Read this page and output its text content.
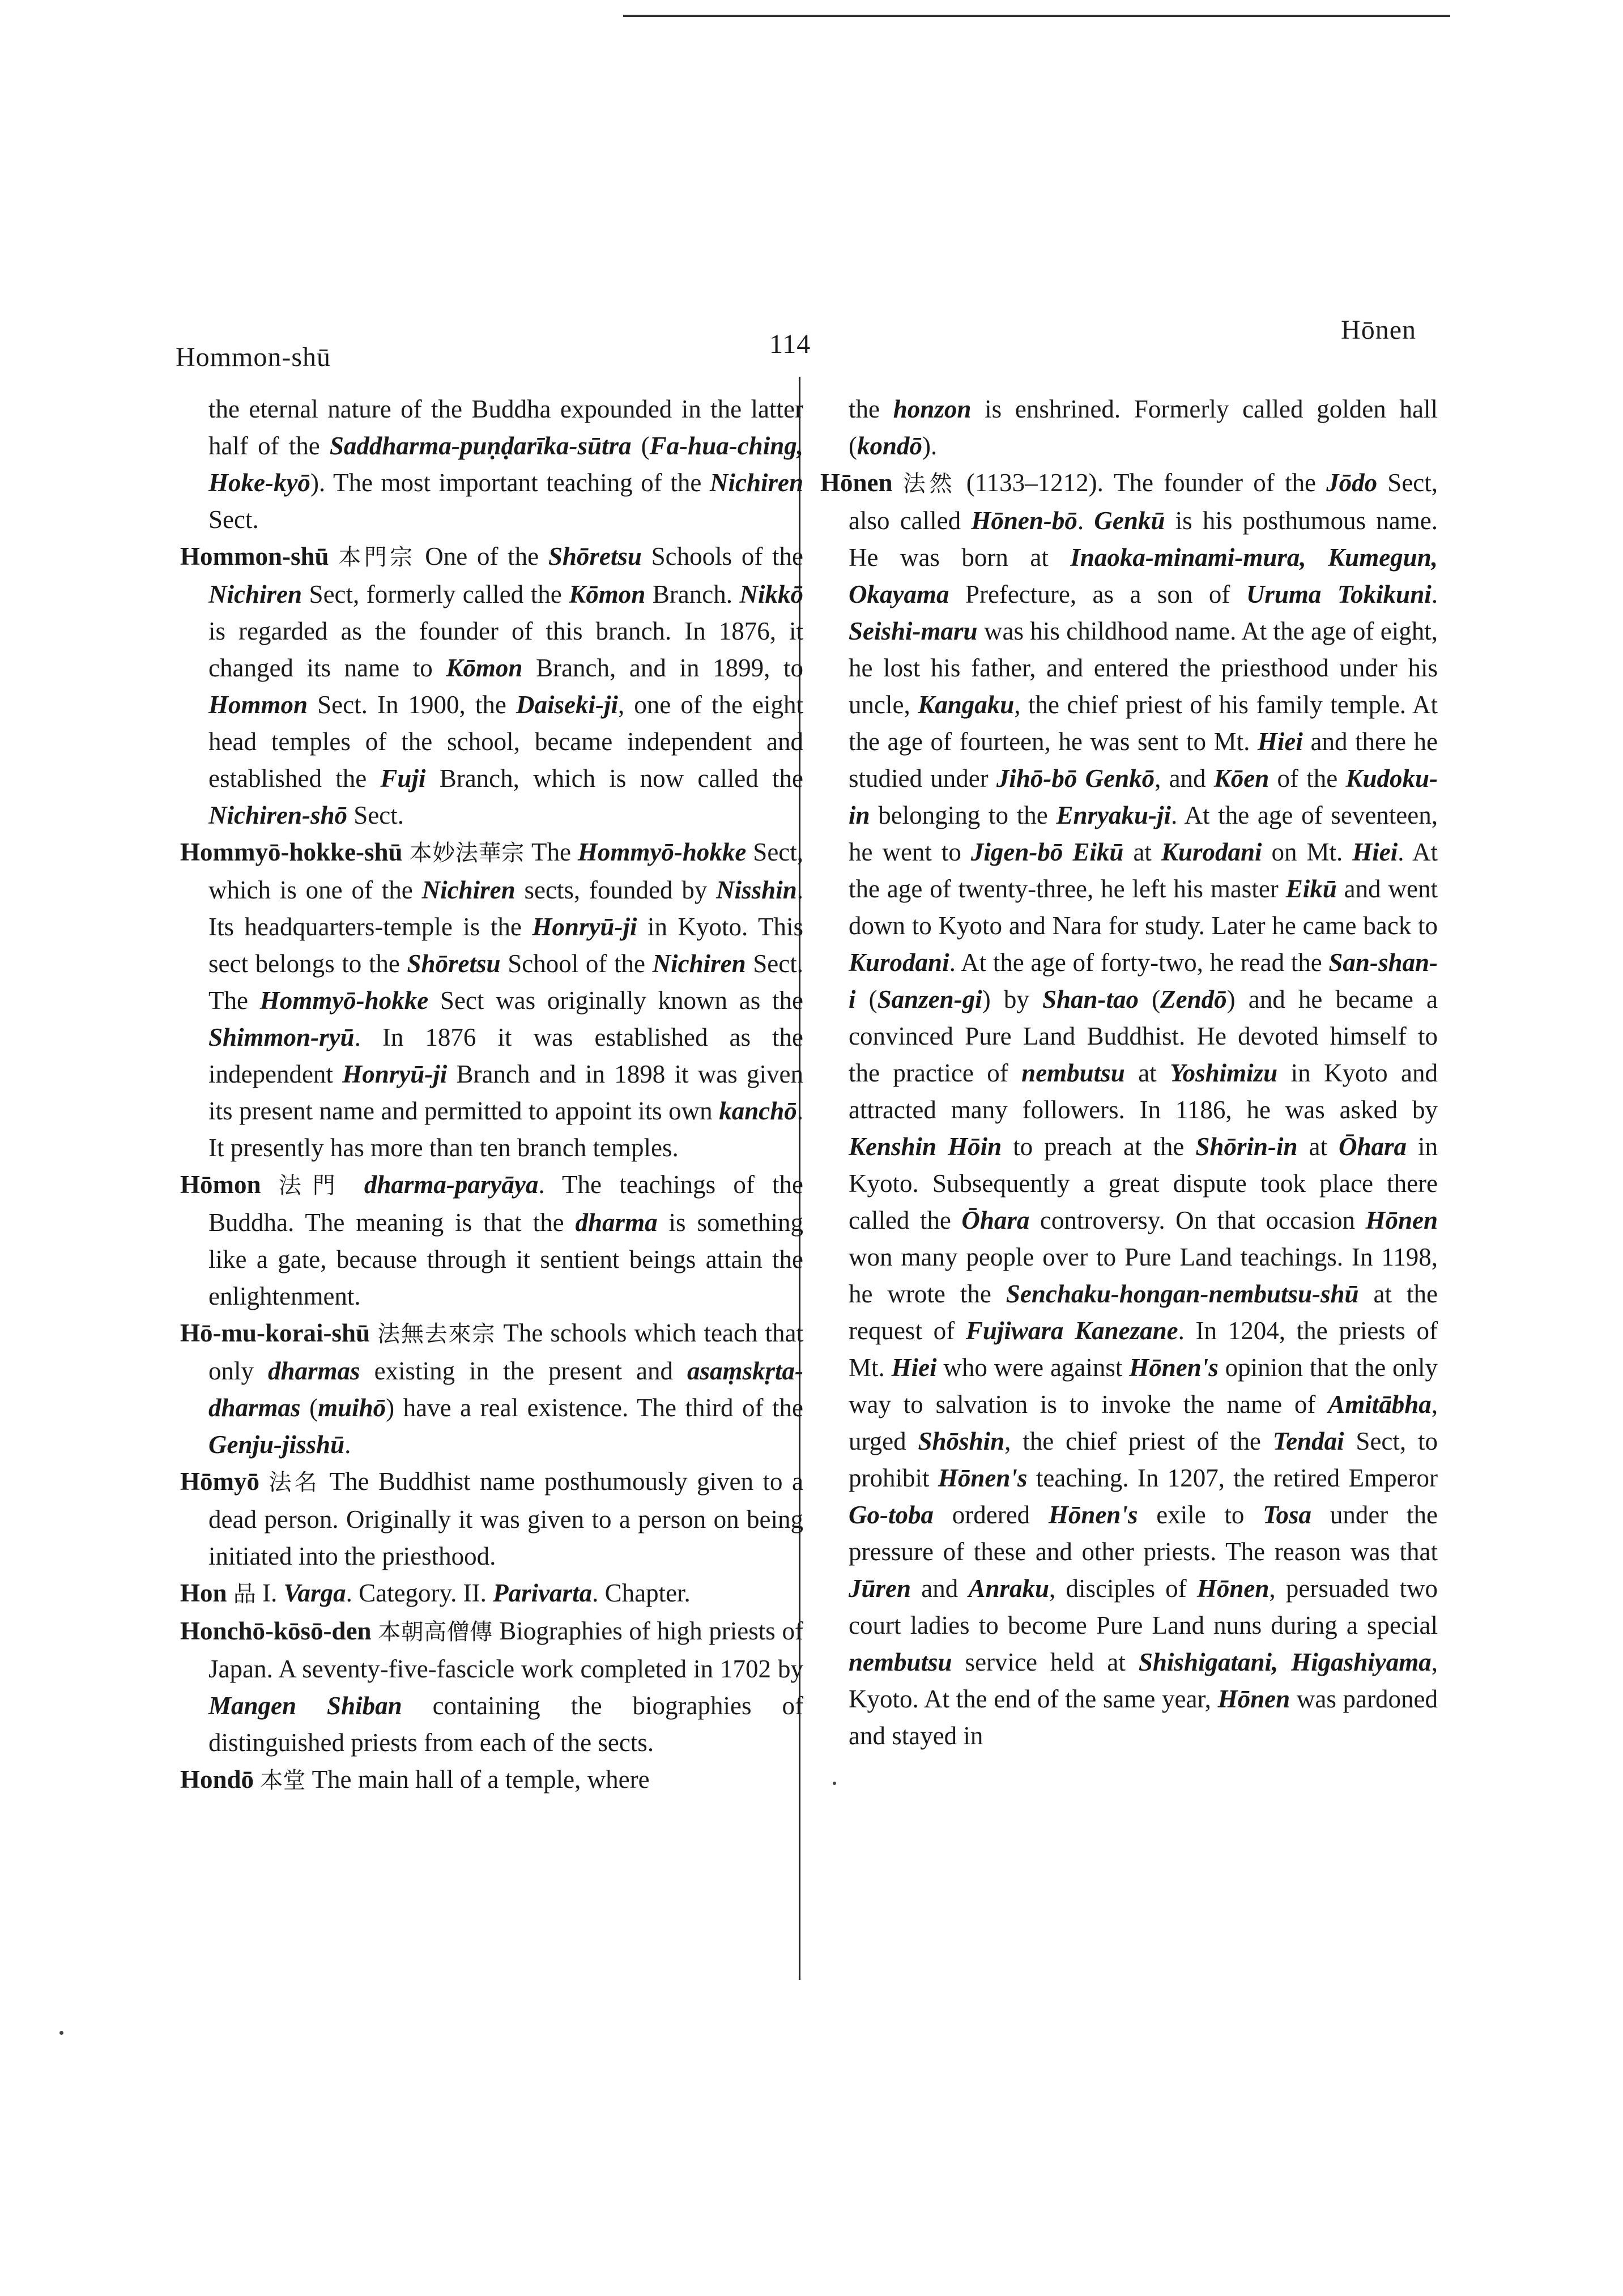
Hommon-shū	114	Hōnen

the eternal nature of the Buddha expounded in the latter half of the Saddharma-puṇḍarīka-sūtra (Fa-hua-ching, Hoke-kyō). The most important teaching of the Nichiren Sect.

Hommon-shū 本門宗 One of the Shōretsu Schools of the Nichiren Sect, formerly called the Kōmon Branch. Nikkō is regarded as the founder of this branch. In 1876, it changed its name to Kōmon Branch, and in 1899, to Hommon Sect. In 1900, the Daiseki-ji, one of the eight head temples of the school, became independent and established the Fuji Branch, which is now called the Nichiren-shō Sect.

Hommyō-hokke-shū 本妙法華宗 The Hommyō-hokke Sect, which is one of the Nichiren sects, founded by Nisshin. Its headquarters-temple is the Honryū-ji in Kyoto. This sect belongs to the Shōretsu School of the Nichiren Sect. The Hommyō-hokke Sect was originally known as the Shimmon-ryū. In 1876 it was established as the independent Honryū-ji Branch and in 1898 it was given its present name and permitted to appoint its own kanchō. It presently has more than ten branch temples.

Hōmon 法門 dharma-paryāya. The teachings of the Buddha. The meaning is that the dharma is something like a gate, because through it sentient beings attain the enlightenment.

Hō-mu-korai-shū 法無去來宗 The schools which teach that only dharmas existing in the present and asaṃskṛta-dharmas (muihō) have a real existence. The third of the Genju-jisshū.

Hōmyō 法名 The Buddhist name posthumously given to a dead person. Originally it was given to a person on being initiated into the priesthood.

Hon 品 I. Varga. Category. II. Parivarta. Chapter.

Honchō-kōsō-den 本朝高僧傳 Biographies of high priests of Japan. A seventy-five-fascicle work completed in 1702 by Mangen Shiban containing the biographies of distinguished priests from each of the sects.

Hondō 本堂 The main hall of a temple, where

the honzon is enshrined. Formerly called golden hall (kondō).

Hōnen 法然 (1133–1212). The founder of the Jōdo Sect, also called Hōnen-bō. Genkū is his posthumous name. He was born at Inaoka-minami-mura, Kumegun, Okayama Prefecture, as a son of Uruma Tokikuni. Seishi-maru was his childhood name. At the age of eight, he lost his father, and entered the priesthood under his uncle, Kangaku, the chief priest of his family temple. At the age of fourteen, he was sent to Mt. Hiei and there he studied under Jihō-bō Genkō, and Kōen of the Kudoku-in belonging to the Enryaku-ji. At the age of seventeen, he went to Jigen-bō Eikū at Kurodani on Mt. Hiei. At the age of twenty-three, he left his master Eikū and went down to Kyoto and Nara for study. Later he came back to Kurodani. At the age of forty-two, he read the San-shan-i (Sanzen-gi) by Shan-tao (Zendō) and he became a convinced Pure Land Buddhist. He devoted himself to the practice of nembutsu at Yoshimizu in Kyoto and attracted many followers. In 1186, he was asked by Kenshin Hōin to preach at the Shōrin-in at Ōhara in Kyoto. Subsequently a great dispute took place there called the Ōhara controversy. On that occasion Hōnen won many people over to Pure Land teachings. In 1198, he wrote the Senchaku-hongan-nembutsu-shū at the request of Fujiwara Kanezane. In 1204, the priests of Mt. Hiei who were against Hōnen's opinion that the only way to salvation is to invoke the name of Amitābha, urged Shōshin, the chief priest of the Tendai Sect, to prohibit Hōnen's teaching. In 1207, the retired Emperor Go-toba ordered Hōnen's exile to Tosa under the pressure of these and other priests. The reason was that Jūren and Anraku, disciples of Hōnen, persuaded two court ladies to become Pure Land nuns during a special nembutsu service held at Shishigatani, Higashiyama, Kyoto. At the end of the same year, Hōnen was pardoned and stayed in
